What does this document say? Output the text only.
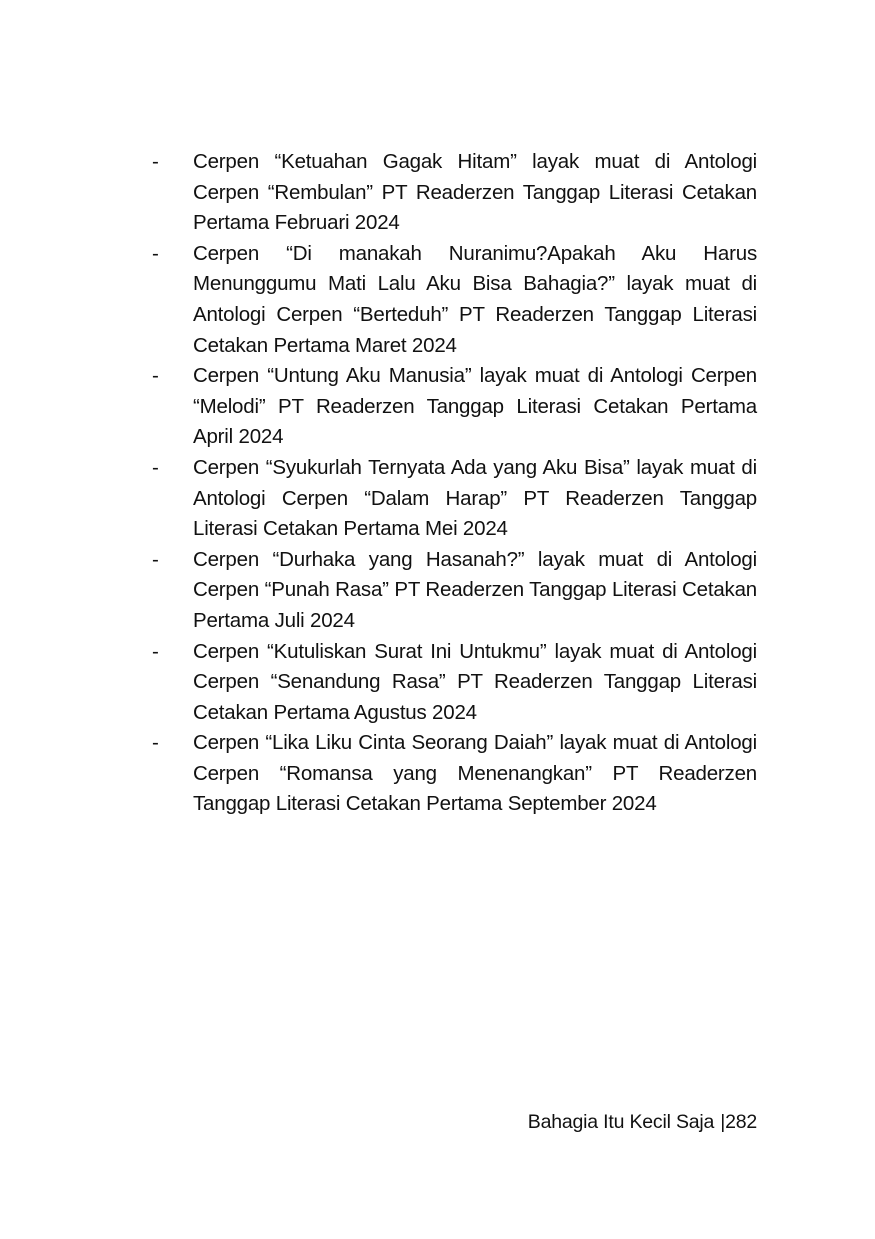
-	Cerpen “Ketuahan Gagak Hitam” layak muat di Antologi Cerpen “Rembulan” PT Readerzen Tanggap Literasi Cetakan Pertama Februari 2024
-	Cerpen “Di manakah Nuranimu?Apakah Aku Harus Menunggumu Mati Lalu Aku Bisa Bahagia?” layak muat di Antologi Cerpen “Berteduh” PT Readerzen Tanggap Literasi Cetakan Pertama Maret 2024
-	Cerpen “Untung Aku Manusia” layak muat di Antologi Cerpen “Melodi” PT Readerzen Tanggap Literasi Cetakan Pertama April 2024
-	Cerpen “Syukurlah Ternyata Ada yang Aku Bisa” layak muat di Antologi Cerpen “Dalam Harap” PT Readerzen Tanggap Literasi Cetakan Pertama Mei 2024
-	Cerpen “Durhaka yang Hasanah?” layak muat di Antologi Cerpen “Punah Rasa” PT Readerzen Tanggap Literasi Cetakan Pertama Juli 2024
-	Cerpen “Kutuliskan Surat Ini Untukmu” layak muat di Antologi Cerpen “Senandung Rasa” PT Readerzen Tanggap Literasi Cetakan Pertama Agustus 2024
-	Cerpen “Lika Liku Cinta Seorang Daiah” layak muat di Antologi Cerpen “Romansa yang Menenangkan” PT Readerzen Tanggap Literasi Cetakan Pertama September 2024
Bahagia Itu Kecil Saja |282
